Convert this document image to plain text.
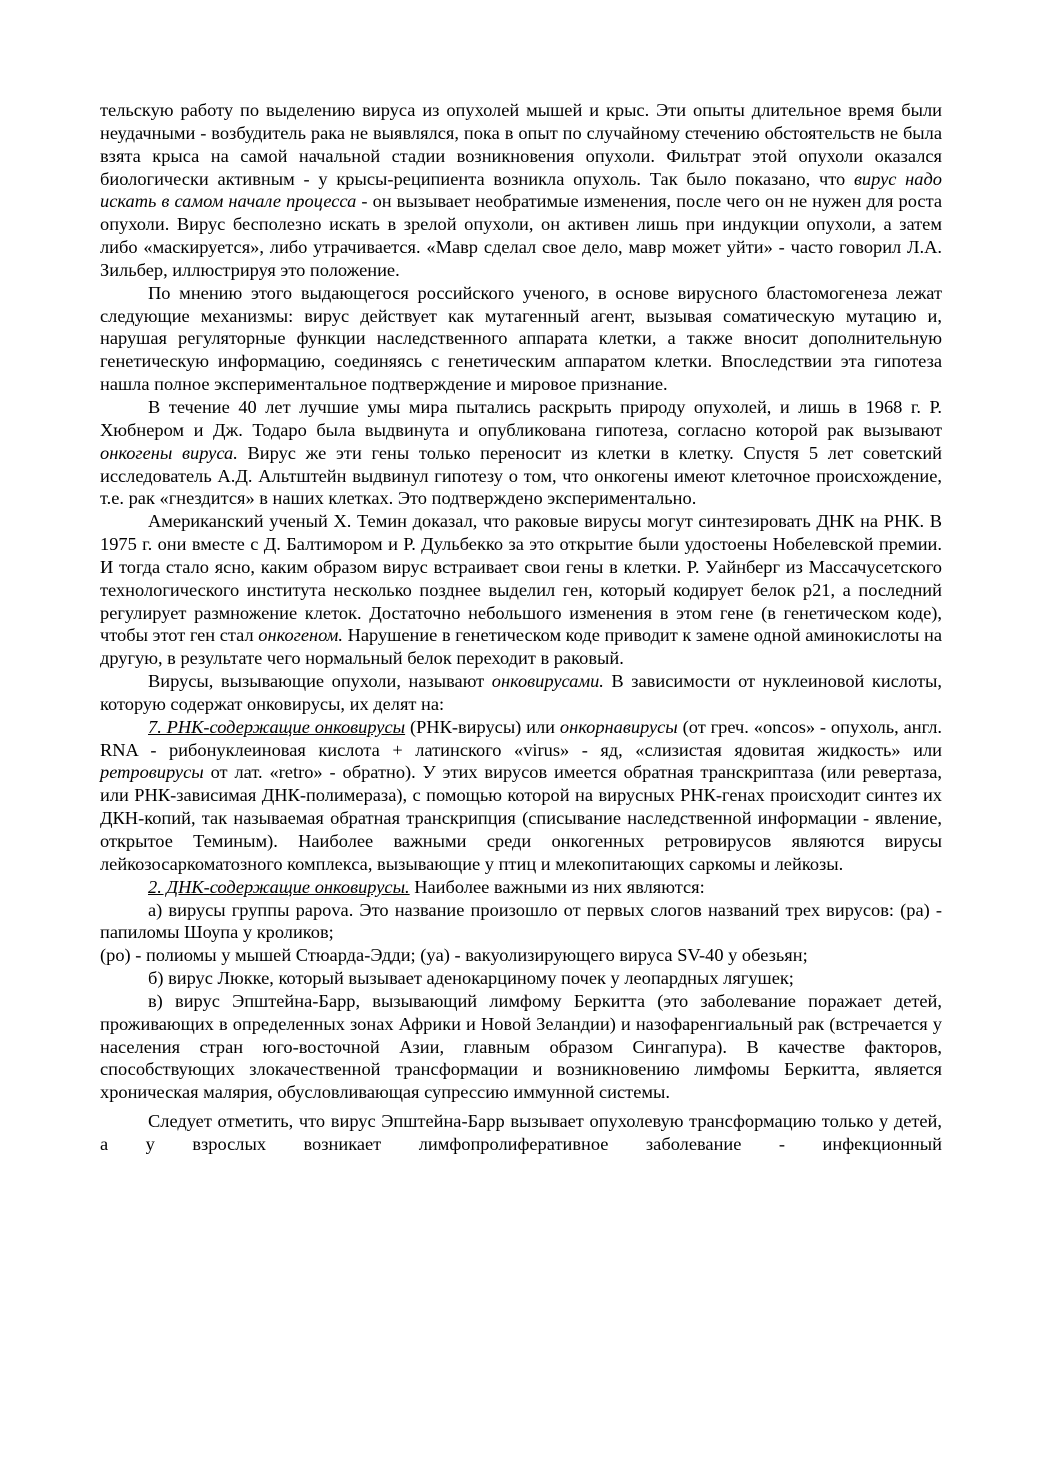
тельскую работу по выделению вируса из опухолей мышей и крыс. Эти опыты длительное время были неудачными - возбудитель рака не выявлялся, пока в опыт по случайному стечению обстоятельств не была взята крыса на самой начальной стадии возникновения опухоли. Фильтрат этой опухоли оказался биологически активным - у крысы-реципиента возникла опухоль. Так было показано, что вирус надо искать в самом начале процесса - он вызывает необратимые изменения, после чего он не нужен для роста опухоли. Вирус бесполезно искать в зрелой опухоли, он активен лишь при индукции опухоли, а затем либо «маскируется», либо утрачивается. «Мавр сделал свое дело, мавр может уйти» - часто говорил Л.А. Зильбер, иллюстрируя это положение.

По мнению этого выдающегося российского ученого, в основе вирусного бластомогенеза лежат следующие механизмы: вирус действует как мутагенный агент, вызывая соматическую мутацию и, нарушая регуляторные функции наследственного аппарата клетки, а также вносит дополнительную генетическую информацию, соединяясь с генетическим аппаратом клетки. Впоследствии эта гипотеза нашла полное экспериментальное подтверждение и мировое признание.

В течение 40 лет лучшие умы мира пытались раскрыть природу опухолей, и лишь в 1968 г. Р. Хюбнером и Дж. Тодаро была выдвинута и опубликована гипотеза, согласно которой рак вызывают онкогены вируса. Вирус же эти гены только переносит из клетки в клетку. Спустя 5 лет советский исследователь А.Д. Альтштейн выдвинул гипотезу о том, что онкогены имеют клеточное происхождение, т.е. рак «гнездится» в наших клетках. Это подтверждено экспериментально.

Американский ученый Х. Темин доказал, что раковые вирусы могут синтезировать ДНК на РНК. В 1975 г. они вместе с Д. Балтимором и Р. Дульбекко за это открытие были удостоены Нобелевской премии. И тогда стало ясно, каким образом вирус встраивает свои гены в клетки. Р. Уайнберг из Массачусетского технологического института несколько позднее выделил ген, который кодирует белок p21, а последний регулирует размножение клеток. Достаточно небольшого изменения в этом гене (в генетическом коде), чтобы этот ген стал онкогеном. Нарушение в генетическом коде приводит к замене одной аминокислоты на другую, в результате чего нормальный белок переходит в раковый.

Вирусы, вызывающие опухоли, называют онковирусами. В зависимости от нуклеиновой кислоты, которую содержат онковирусы, их делят на:

7. РНК-содержащие онковирусы (РНК-вирусы) или онкорнавирусы (от греч. «oncos» - опухоль, англ. RNA - рибонуклеиновая кислота + латинского «virus» - яд, «слизистая ядовитая жидкость» или ретровирусы от лат. «retro» - обратно). У этих вирусов имеется обратная транскриптаза (или ревертаза, или РНК-зависимая ДНК-полимераза), с помощью которой на вирусных РНК-генах происходит синтез их ДКН-копий, так называемая обратная транскрипция (списывание наследственной информации - явление, открытое Теминым). Наиболее важными среди онкогенных ретровирусов являются вирусы лейкозосаркоматозного комплекса, вызывающие у птиц и млекопитающих саркомы и лейкозы.

2. ДНК-содержащие онковирусы. Наиболее важными из них являются:

а) вирусы группы papova. Это название произошло от первых слогов названий трех вирусов: (pa) - папиломы Шоупа у кроликов;

(po) - полиомы у мышей Стюарда-Эдди; (ya) - вакуолизирующего вируса SV-40 у обезьян;

б) вирус Люкке, который вызывает аденокарциному почек у леопардных лягушек;

в) вирус Эпштейна-Барр, вызывающий лимфому Беркитта (это заболевание поражает детей, проживающих в определенных зонах Африки и Новой Зеландии) и назофаренгиальный рак (встречается у населения стран юго-восточной Азии, главным образом Сингапура). В качестве факторов, способствующих злокачественной трансформации и возникновению лимфомы Беркитта, является хроническая малярия, обусловливающая супрессию иммунной системы.

Следует отметить, что вирус Эпштейна-Барр вызывает опухолевую трансформацию только у детей, а у взрослых возникает лимфопролиферативное заболевание - инфекционный
